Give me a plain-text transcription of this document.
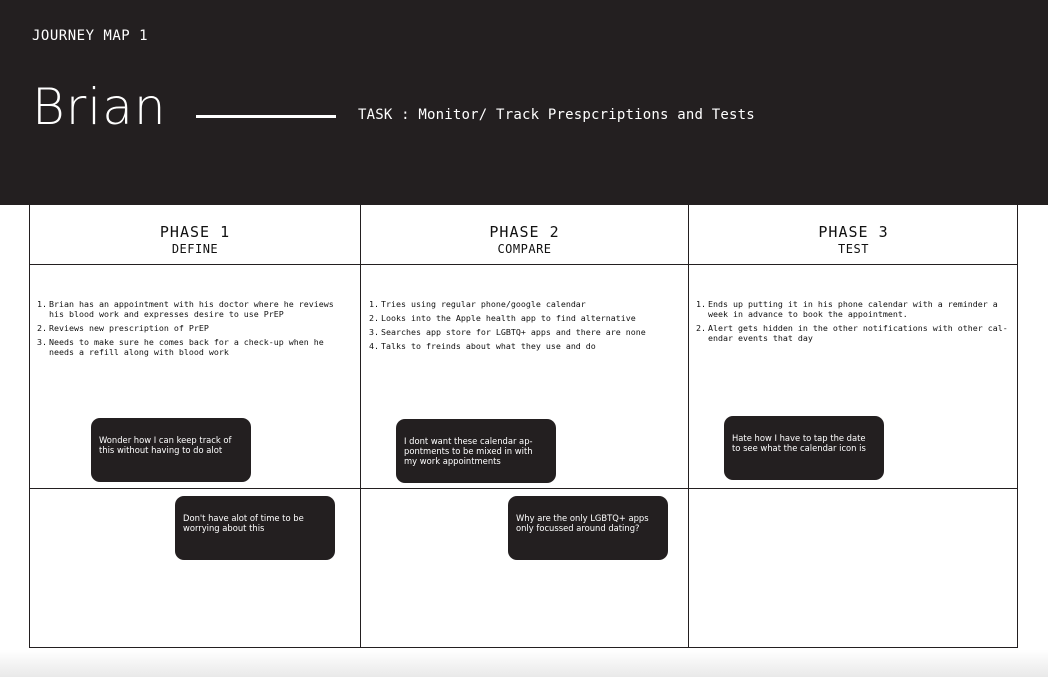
JOURNEY MAP 1
Brian	TASK : Monitor/ Track Prespcriptions and Tests
PHASE 1
DEFINE
1. Brian has an appointment with his doctor where he reviews his blood work and expresses desire to use PrEP
2. Reviews new prescription of PrEP
3. Needs to make sure he comes back for a check-up when he needs a refill along with blood work
Wonder how I can keep track of this without having to do alot
Don't have alot of time to be worrying about this
PHASE 2
COMPARE
1. Tries using regular phone/google calendar
2. Looks into the Apple health app to find alternative
3. Searches app store for LGBTQ+ apps and there are none
4. Talks to freinds about what they use and do
I dont want these calendar ap-pontments to be mixed in with my work appointments
Why are the only LGBTQ+ apps only focussed around dating?
PHASE 3
TEST
1. Ends up putting it in his phone calendar with a reminder a week in advance to book the appointment.
2. Alert gets hidden in the other notifications with other cal-endar events that day
Hate how I have to tap the date to see what the calendar icon is
